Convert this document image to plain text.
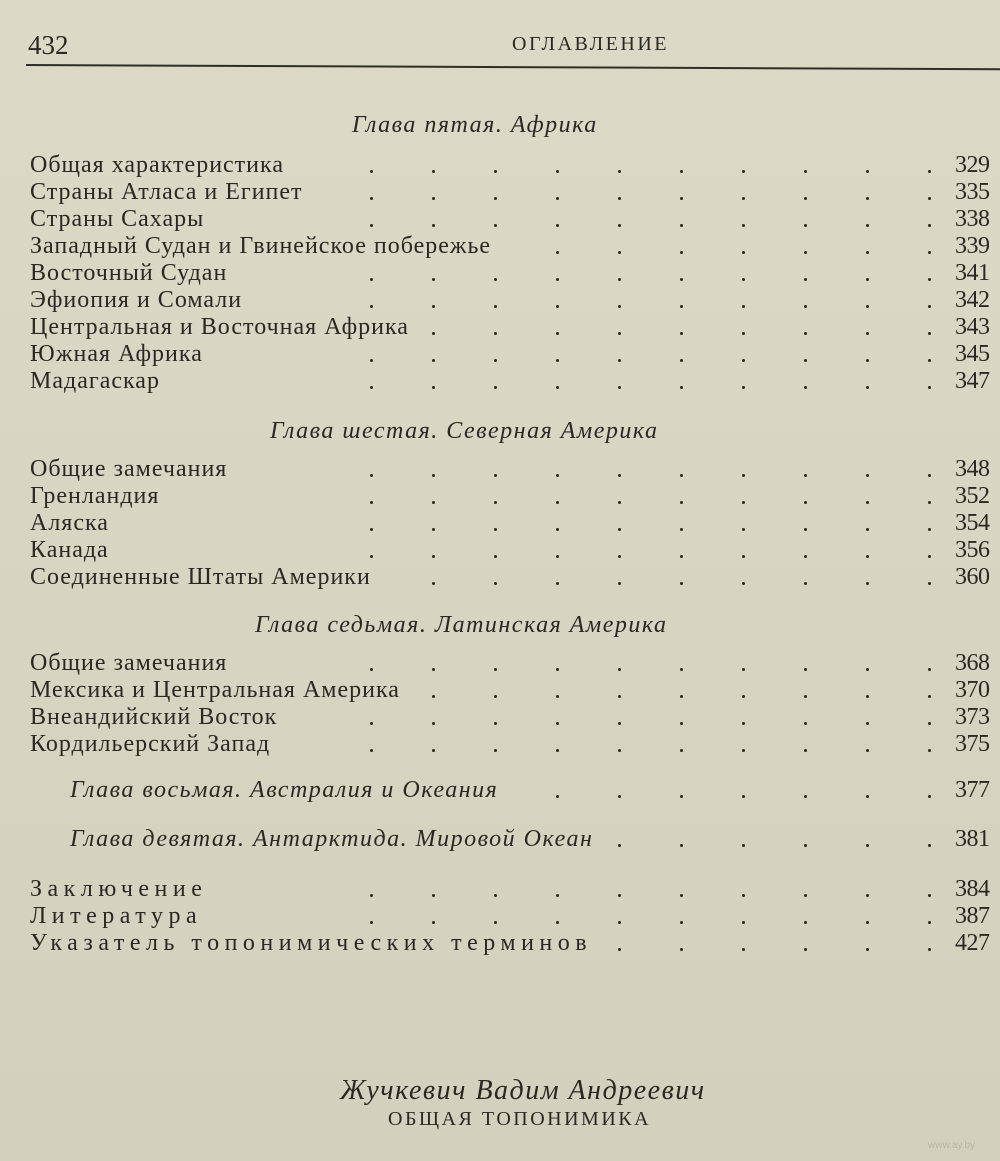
432	ОГЛАВЛЕНИЕ
Глава пятая. Африка
Общая характеристика	329
Страны Атласа и Египет	335
Страны Сахары	338
Западный Судан и Гвинейское побережье	339
Восточный Судан	341
Эфиопия и Сомали	342
Центральная и Восточная Африка	343
Южная Африка	345
Мадагаскар	347
Глава шестая. Северная Америка
Общие замечания	348
Гренландия	352
Аляска	354
Канада	356
Соединенные Штаты Америки	360
Глава седьмая. Латинская Америка
Общие замечания	368
Мексика и Центральная Америка	370
Внеандийский Восток	373
Кордильерский Запад	375
Глава восьмая. Австралия и Океания	377
Глава девятая. Антарктида. Мировой Океан	381
Заключение	384
Литература	387
Указатель топонимических терминов	427
Жучкевич Вадим Андреевич
ОБЩАЯ ТОПОНИМИКА
www.ay.by
